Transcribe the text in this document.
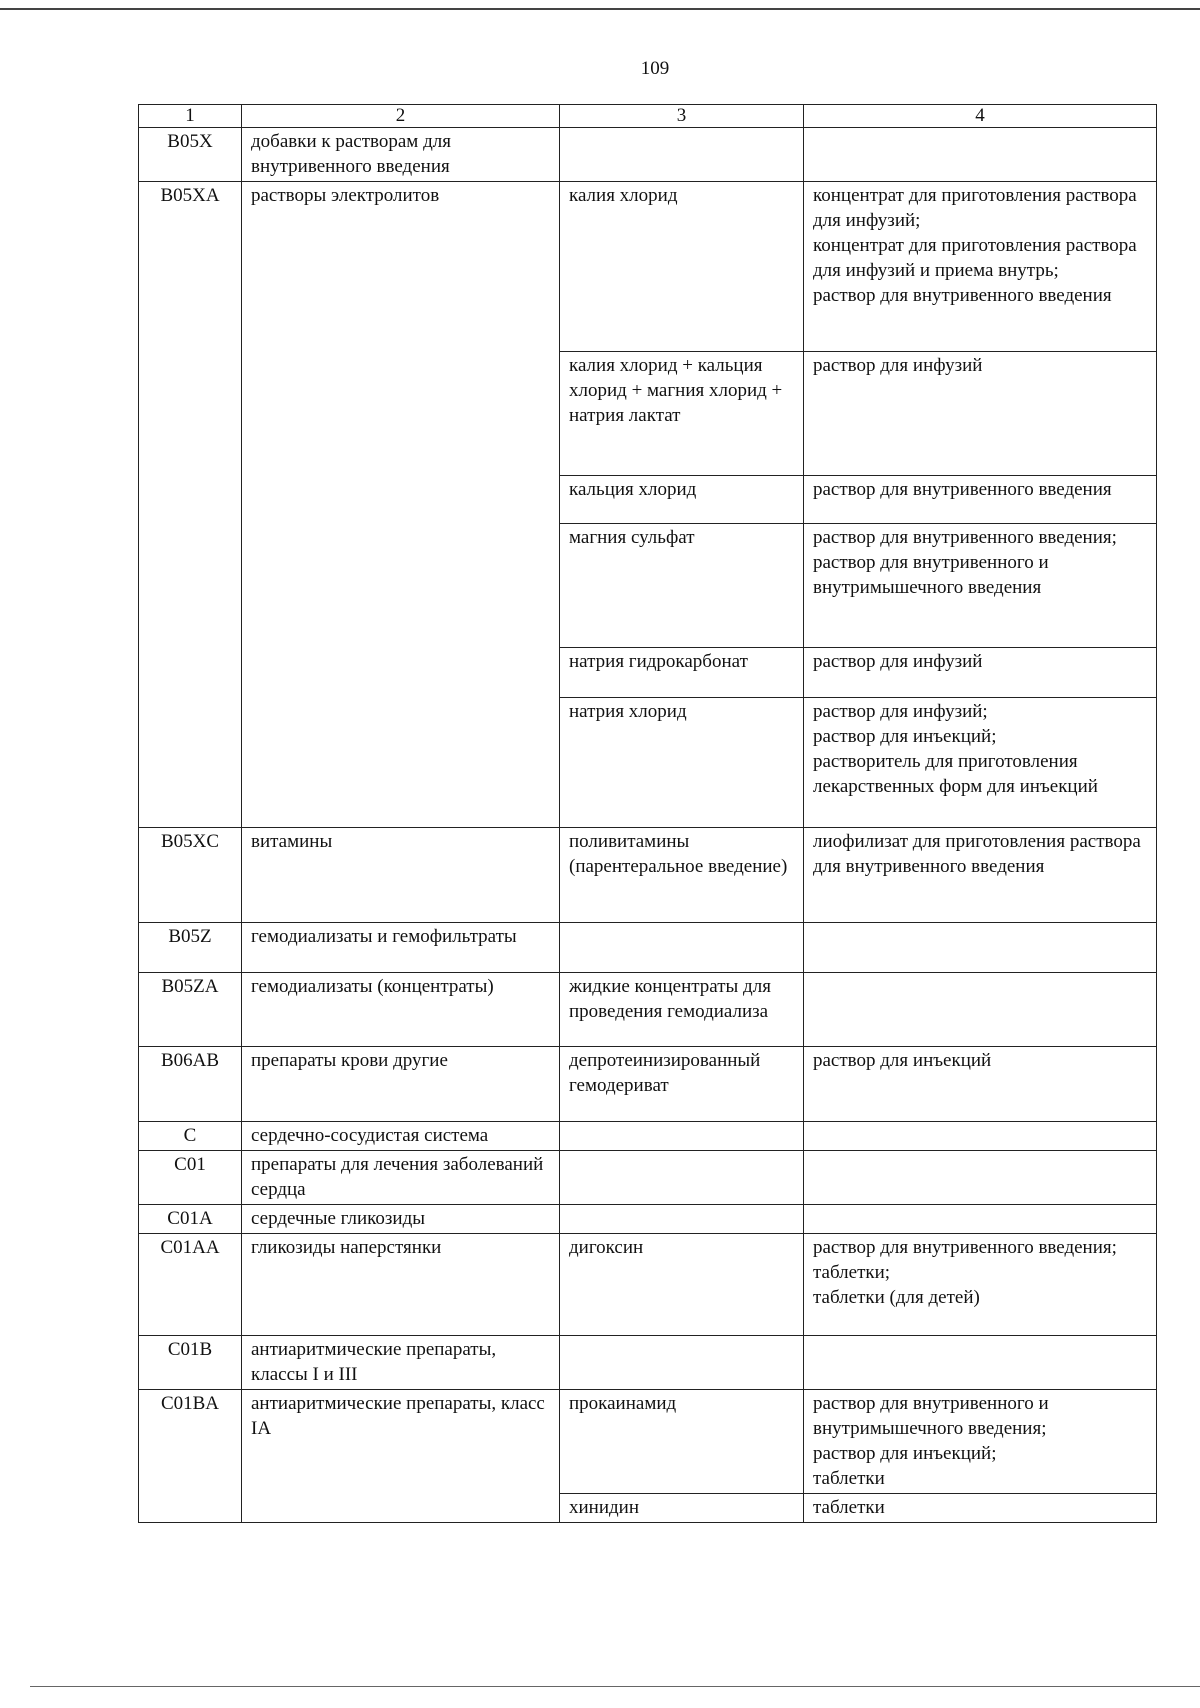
109
1	2	3	4
B05X	добавки к растворам для внутривенного введения		
B05XA	растворы электролитов	калия хлорид	концентрат для приготовления раствора для инфузий;
концентрат для приготовления раствора для инфузий и приема внутрь;
раствор для внутривенного введения

		калия хлорид + кальция хлорид + магния хлорид + натрия лактат	раствор для инфузий

		кальция хлорид	раствор для внутривенного введения

		магния сульфат	раствор для внутривенного введения;
раствор для внутривенного и внутримышечного введения

		натрия гидрокарбонат	раствор для инфузий

		натрия хлорид	раствор для инфузий;
раствор для инъекций;
растворитель для приготовления лекарственных форм для инъекций

B05XC	витамины	поливитамины (парентеральное введение)	лиофилизат для приготовления раствора для внутривенного введения

B05Z	гемодиализаты и гемофильтраты		
B05ZA	гемодиализаты (концентраты)	жидкие концентраты для проведения гемодиализа	
B06AB	препараты крови другие	депротеинизированный гемодериват	раствор для инъекций

C	сердечно-сосудистая система		
C01	препараты для лечения заболеваний сердца		
C01A	сердечные гликозиды		
C01AA	гликозиды наперстянки	дигоксин	раствор для внутривенного введения;
таблетки;
таблетки (для детей)

C01B	антиаритмические препараты, классы I и III		
C01BA	антиаритмические препараты, класс IA	прокаинамид	раствор для внутривенного и внутримышечного введения;
раствор для инъекций;
таблетки

		хинидин	таблетки
